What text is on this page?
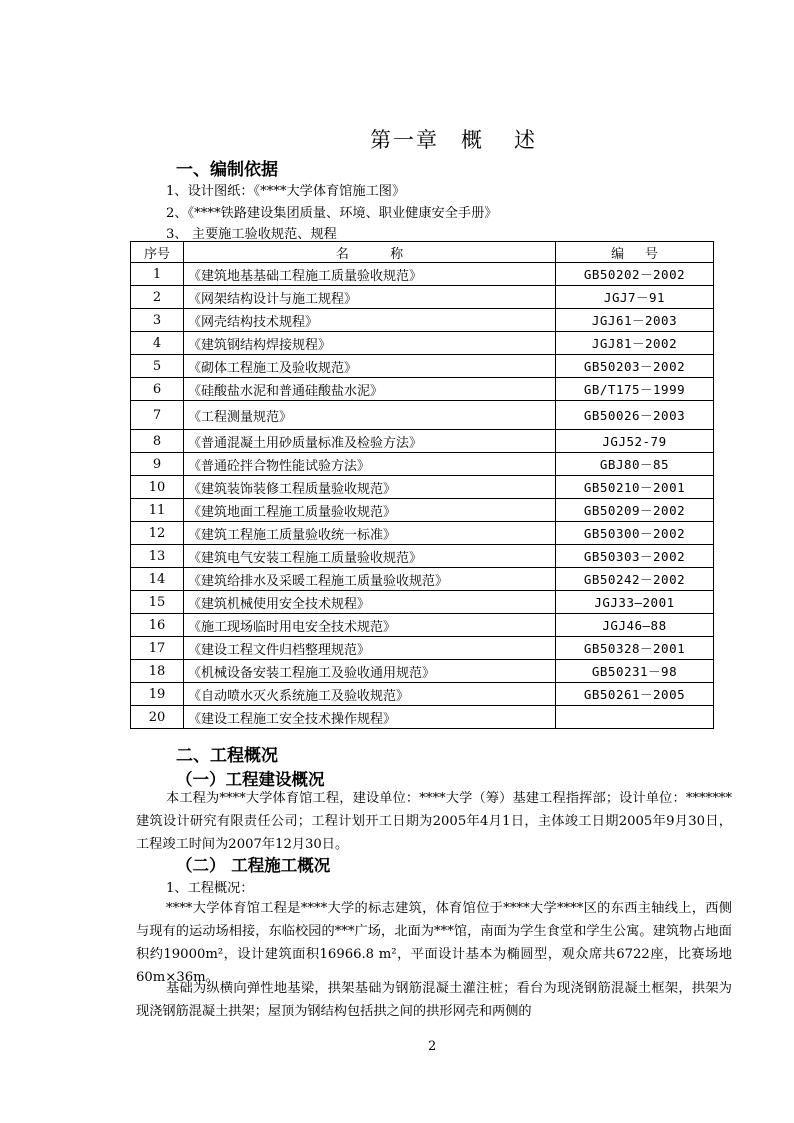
第一章 概 述
一、编制依据
1、设计图纸：《****大学体育馆施工图》
2、《****铁路建设集团质量、环境、职业健康安全手册》
3、 主要施工验收规范、规程
序号	名          称	编     号
1	《建筑地基基础工程施工质量验收规范》	GB50202－2002
2	《网架结构设计与施工规程》	JGJ7－91
3	《网壳结构技术规程》	JGJ61－2003
4	《建筑钢结构焊接规程》	JGJ81－2002
5	《砌体工程施工及验收规范》	GB50203－2002
6	《硅酸盐水泥和普通硅酸盐水泥》	GB/T175－1999
7	《工程测量规范》	GB50026－2003
8	《普通混凝土用砂质量标准及检验方法》	JGJ52-79
9	《普通砼拌合物性能试验方法》	GBJ80－85
10	《建筑装饰装修工程质量验收规范》	GB50210－2001
11	《建筑地面工程施工质量验收规范》	GB50209－2002
12	《建筑工程施工质量验收统一标准》	GB50300－2002
13	《建筑电气安装工程施工质量验收规范》	GB50303－2002
14	《建筑给排水及采暖工程施工质量验收规范》	GB50242－2002
15	《建筑机械使用安全技术规程》	JGJ33—2001
16	《施工现场临时用电安全技术规范》	JGJ46—88
17	《建设工程文件归档整理规范》	GB50328－2001
18	《机械设备安装工程施工及验收通用规范》	GB50231－98
19	《自动喷水灭火系统施工及验收规范》	GB50261－2005
20	《建设工程施工安全技术操作规程》	
二、工程概况
（一）工程建设概况
本工程为****大学体育馆工程，建设单位：****大学（筹）基建工程指挥部；设计单位：*******建筑设计研究有限责任公司；工程计划开工日期为2005年4月1日，主体竣工日期2005年9月30日，工程竣工时间为2007年12月30日。
（二） 工程施工概况
1、工程概况：
****大学体育馆工程是****大学的标志建筑，体育馆位于****大学****区的东西主轴线上，西侧与现有的运动场相接，东临校园的***广场，北面为***馆，南面为学生食堂和学生公寓。建筑物占地面积约19000m²，设计建筑面积16966.8 m²，平面设计基本为椭圆型，观众席共6722座，比赛场地60m×36m。
基础为纵横向弹性地基梁，拱架基础为钢筋混凝土灌注桩；看台为现浇钢筋混凝土框架，拱架为现浇钢筋混凝土拱架；屋顶为钢结构包括拱之间的拱形网壳和两侧的
2
